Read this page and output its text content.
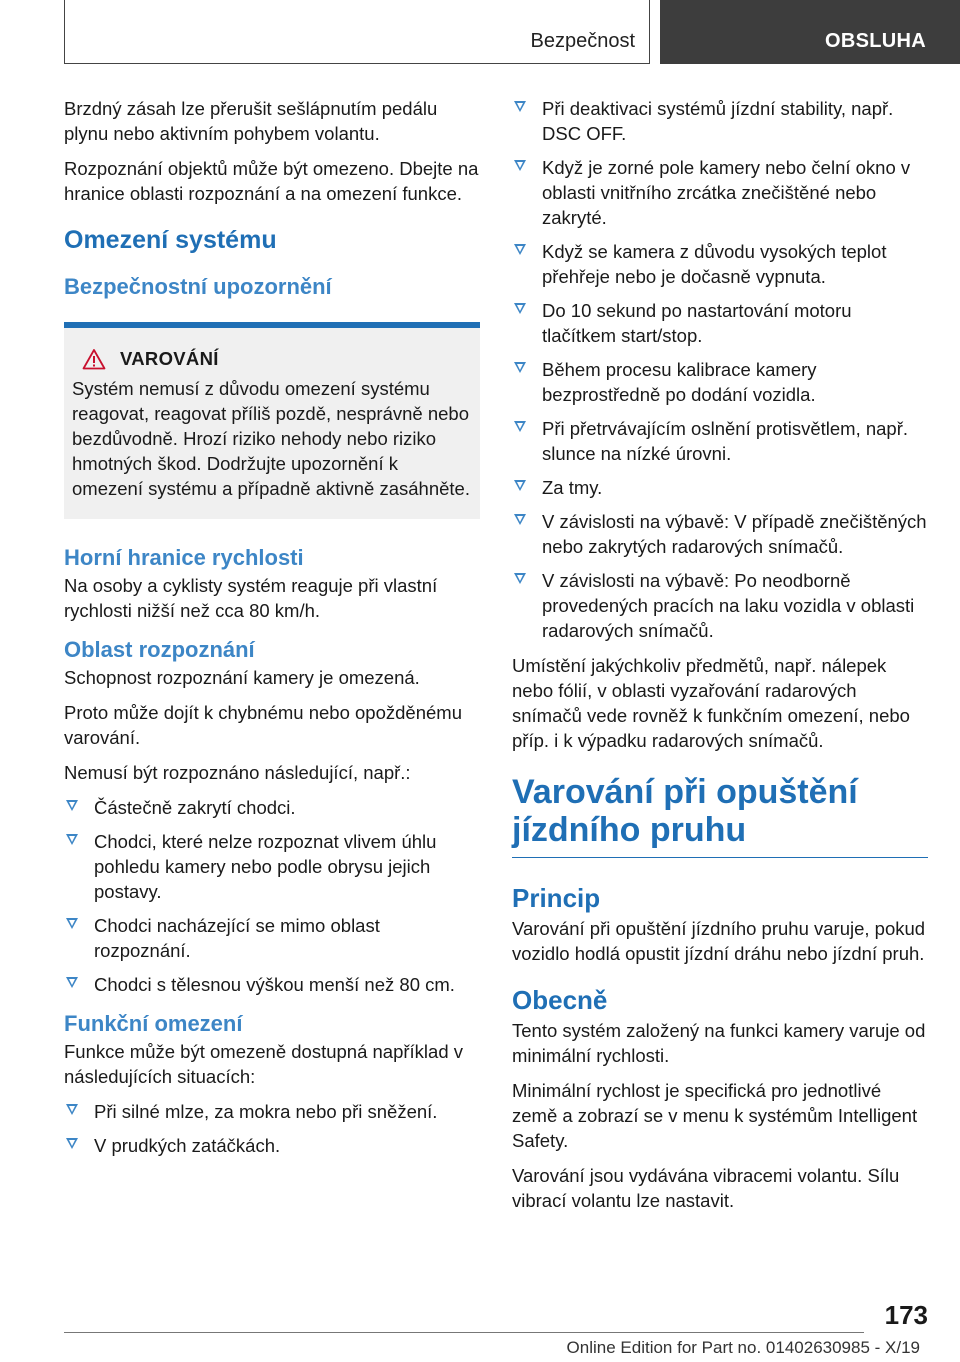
Bezpečnost	OBSLUHA

Brzdný zásah lze přerušit sešlápnutím pedálu plynu nebo aktivním pohybem volantu.

Rozpoznání objektů může být omezeno. Dbejte na hranice oblasti rozpoznání a na omezení funkce.

Omezení systému
Bezpečnostní upozornění
VAROVÁNÍ

Systém nemusí z důvodu omezení systému reagovat, reagovat příliš pozdě, nesprávně nebo bezdůvodně. Hrozí riziko nehody nebo riziko hmotných škod. Dodržujte upozornění k omezení systému a případně aktivně zasáhněte.

Horní hranice rychlosti

Na osoby a cyklisty systém reaguje při vlastní rychlosti nižší než cca 80 km/h.

Oblast rozpoznání

Schopnost rozpoznání kamery je omezená.

Proto může dojít k chybnému nebo opožděnému varování.

Nemusí být rozpoznáno následující, např.:

Částečně zakrytí chodci.
Chodci, které nelze rozpoznat vlivem úhlu pohledu kamery nebo podle obrysu jejich postavy.
Chodci nacházející se mimo oblast rozpoznání.
Chodci s tělesnou výškou menší než 80 cm.
Funkční omezení

Funkce může být omezeně dostupná například v následujících situacích:

Při silné mlze, za mokra nebo při sněžení.
V prudkých zatáčkách.
Při deaktivaci systémů jízdní stability, např. DSC OFF.
Když je zorné pole kamery nebo čelní okno v oblasti vnitřního zrcátka znečištěné nebo zakryté.
Když se kamera z důvodu vysokých teplot přehřeje nebo je dočasně vypnuta.
Do 10 sekund po nastartování motoru tlačítkem start/stop.
Během procesu kalibrace kamery bezprostředně po dodání vozidla.
Při přetrvávajícím oslnění protisvětlem, např. slunce na nízké úrovni.
Za tmy.
V závislosti na výbavě: V případě znečištěných nebo zakrytých radarových snímačů.
V závislosti na výbavě: Po neodborně provedených pracích na laku vozidla v oblasti radarových snímačů.

Umístění jakýchkoliv předmětů, např. nálepek nebo fólií, v oblasti vyzařování radarových snímačů vede rovněž k funkčním omezení, nebo příp. i k výpadku radarových snímačů.

Varování při opuštění
jízdního pruhu
Princip

Varování při opuštění jízdního pruhu varuje, pokud vozidlo hodlá opustit jízdní dráhu nebo jízdní pruh.

Obecně

Tento systém založený na funkci kamery varuje od minimální rychlosti.

Minimální rychlost je specifická pro jednotlivé země a zobrazí se v menu k systémům Intelligent Safety.

Varování jsou vydávána vibracemi volantu. Sílu vibrací volantu lze nastavit.

173
Online Edition for Part no. 01402630985 - X/19
